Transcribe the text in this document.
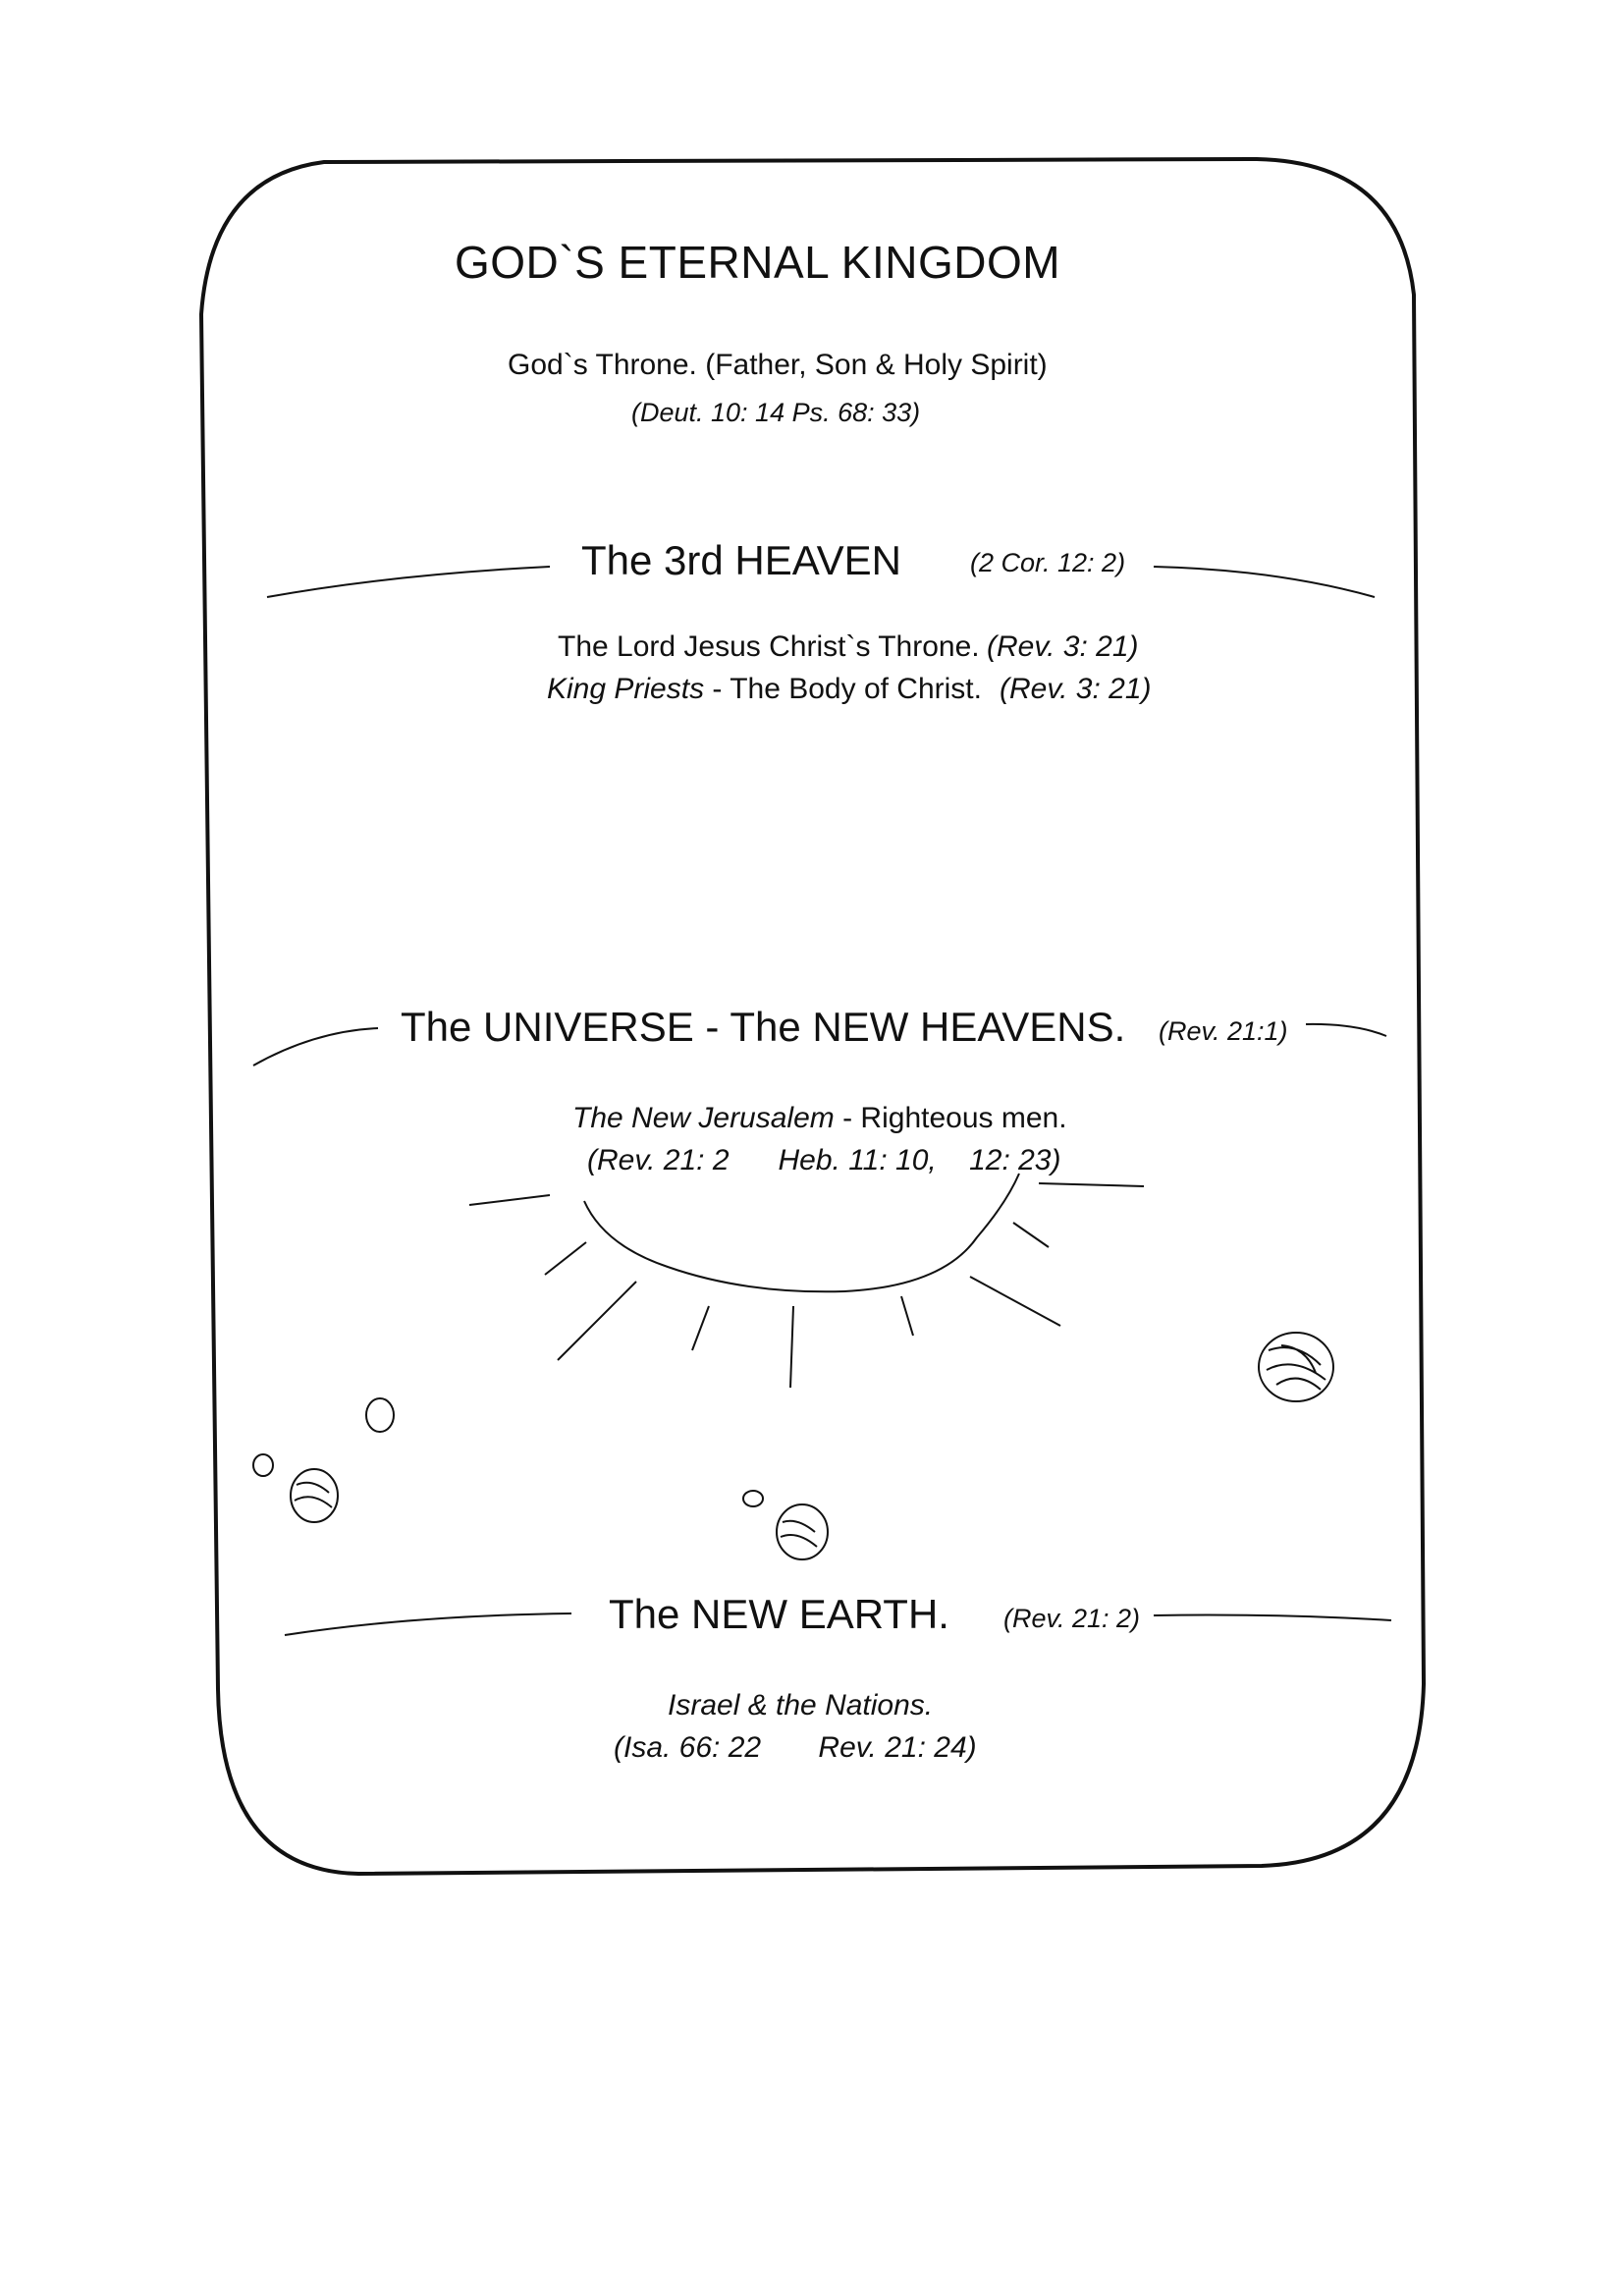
GOD`S ETERNAL KINGDOM
God`s Throne. (Father, Son & Holy Spirit)
(Deut. 10: 14 Ps. 68: 33)
The 3rd HEAVEN	(2 Cor. 12: 2)
The Lord Jesus Christ`s Throne. (Rev. 3: 21)
King Priests - The Body of Christ. (Rev. 3: 21)
The UNIVERSE - The NEW HEAVENS. (Rev. 21:1)
The New Jerusalem - Righteous men.
(Rev. 21: 2      Heb. 11: 10,    12: 23)
The NEW EARTH. (Rev. 21: 2)
Israel & the Nations.
(Isa. 66: 22       Rev. 21: 24)
